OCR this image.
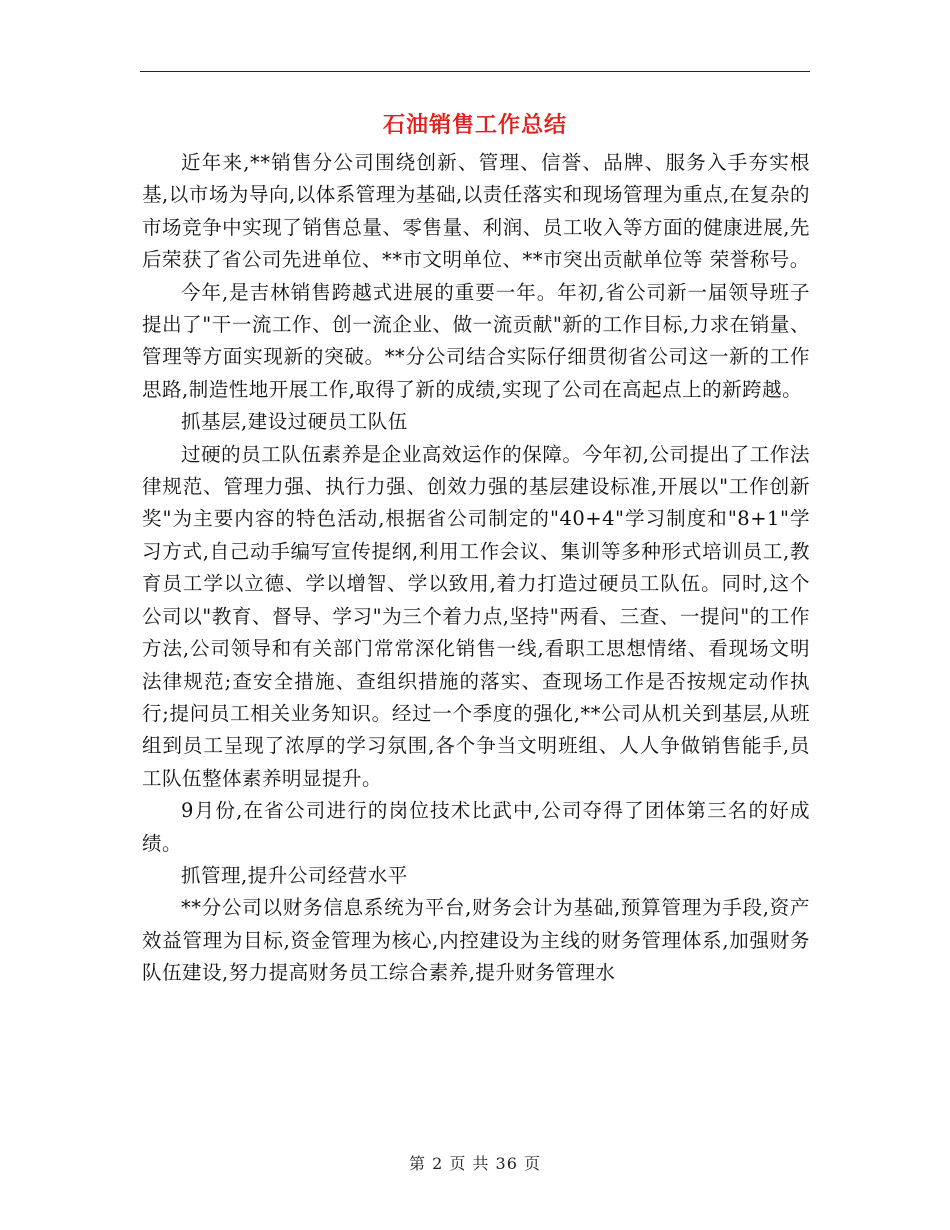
石油销售工作总结

近年来,**销售分公司围绕创新、管理、信誉、品牌、服务入手夯实根基,以市场为导向,以体系管理为基础,以责任落实和现场管理为重点,在复杂的市场竞争中实现了销售总量、零售量、利润、员工收入等方面的健康进展,先后荣获了省公司先进单位、**市文明单位、**市突出贡献单位等 荣誉称号。

今年,是吉林销售跨越式进展的重要一年。年初,省公司新一届领导班子提出了"干一流工作、创一流企业、做一流贡献"新的工作目标,力求在销量、管理等方面实现新的突破。**分公司结合实际仔细贯彻省公司这一新的工作思路,制造性地开展工作,取得了新的成绩,实现了公司在高起点上的新跨越。

抓基层,建设过硬员工队伍

过硬的员工队伍素养是企业高效运作的保障。今年初,公司提出了工作法律规范、管理力强、执行力强、创效力强的基层建设标准,开展以"工作创新奖"为主要内容的特色活动,根据省公司制定的"40+4"学习制度和"8+1"学习方式,自己动手编写宣传提纲,利用工作会议、集训等多种形式培训员工,教育员工学以立德、学以增智、学以致用,着力打造过硬员工队伍。同时,这个公司以"教育、督导、学习"为三个着力点,坚持"两看、三查、一提问"的工作方法,公司领导和有关部门常常深化销售一线,看职工思想情绪、看现场文明法律规范;查安全措施、查组织措施的落实、查现场工作是否按规定动作执行;提问员工相关业务知识。经过一个季度的强化,**公司从机关到基层,从班组到员工呈现了浓厚的学习氛围,各个争当文明班组、人人争做销售能手,员工队伍整体素养明显提升。

9月份,在省公司进行的岗位技术比武中,公司夺得了团体第三名的好成绩。

抓管理,提升公司经营水平

**分公司以财务信息系统为平台,财务会计为基础,预算管理为手段,资产效益管理为目标,资金管理为核心,内控建设为主线的财务管理体系,加强财务队伍建设,努力提高财务员工综合素养,提升财务管理水

第 2 页 共 36 页
